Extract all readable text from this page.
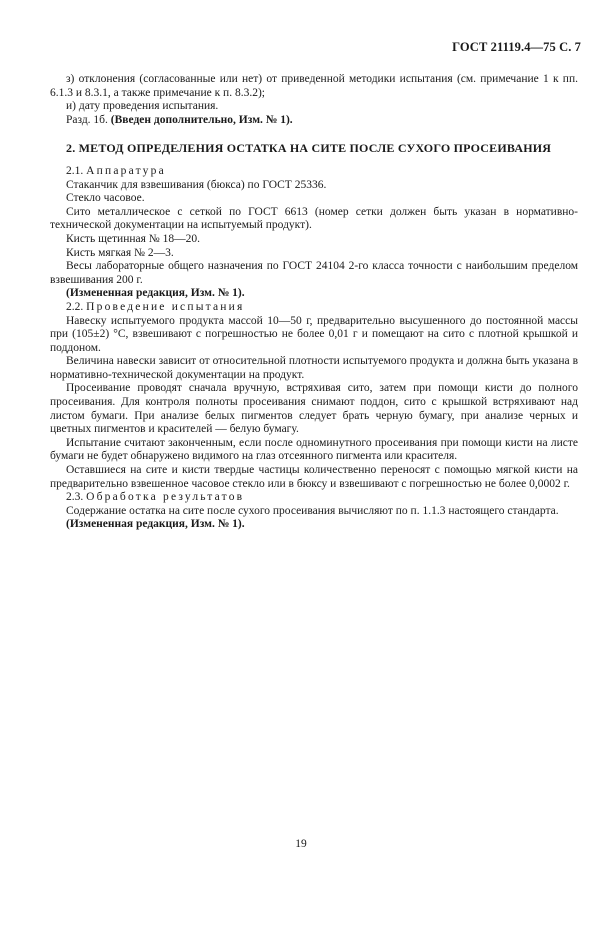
ГОСТ 21119.4—75 С. 7

з) отклонения (согласованные или нет) от приведенной методики испытания (см. примечание 1 к пп. 6.1.3 и 8.3.1, а также примечание к п. 8.3.2);

и) дату проведения испытания.

Разд. 1б. (Введен дополнительно, Изм. № 1).

2. МЕТОД ОПРЕДЕЛЕНИЯ ОСТАТКА НА СИТЕ ПОСЛЕ СУХОГО ПРОСЕИВАНИЯ

2.1. Аппаратура

Стаканчик для взвешивания (бюкса) по ГОСТ 25336.

Стекло часовое.

Сито металлическое с сеткой по ГОСТ 6613 (номер сетки должен быть указан в нормативно-технической документации на испытуемый продукт).

Кисть щетинная № 18—20.

Кисть мягкая № 2—3.

Весы лабораторные общего назначения по ГОСТ 24104 2-го класса точности с наибольшим пределом взвешивания 200 г.

(Измененная редакция, Изм. № 1).

2.2. Проведение испытания

Навеску испытуемого продукта массой 10—50 г, предварительно высушенного до постоянной массы при (105±2) °С, взвешивают с погрешностью не более 0,01 г и помещают на сито с плотной крышкой и поддоном.

Величина навески зависит от относительной плотности испытуемого продукта и должна быть указана в нормативно-технической документации на продукт.

Просеивание проводят сначала вручную, встряхивая сито, затем при помощи кисти до полного просеивания. Для контроля полноты просеивания снимают поддон, сито с крышкой встряхивают над листом бумаги. При анализе белых пигментов следует брать черную бумагу, при анализе черных и цветных пигментов и красителей — белую бумагу.

Испытание считают законченным, если после одноминутного просеивания при помощи кисти на листе бумаги не будет обнаружено видимого на глаз отсеянного пигмента или красителя.

Оставшиеся на сите и кисти твердые частицы количественно переносят с помощью мягкой кисти на предварительно взвешенное часовое стекло или в бюксу и взвешивают с погрешностью не более 0,0002 г.

2.3. Обработка результатов

Содержание остатка на сите после сухого просеивания вычисляют по п. 1.1.3 настоящего стандарта.

(Измененная редакция, Изм. № 1).

19
